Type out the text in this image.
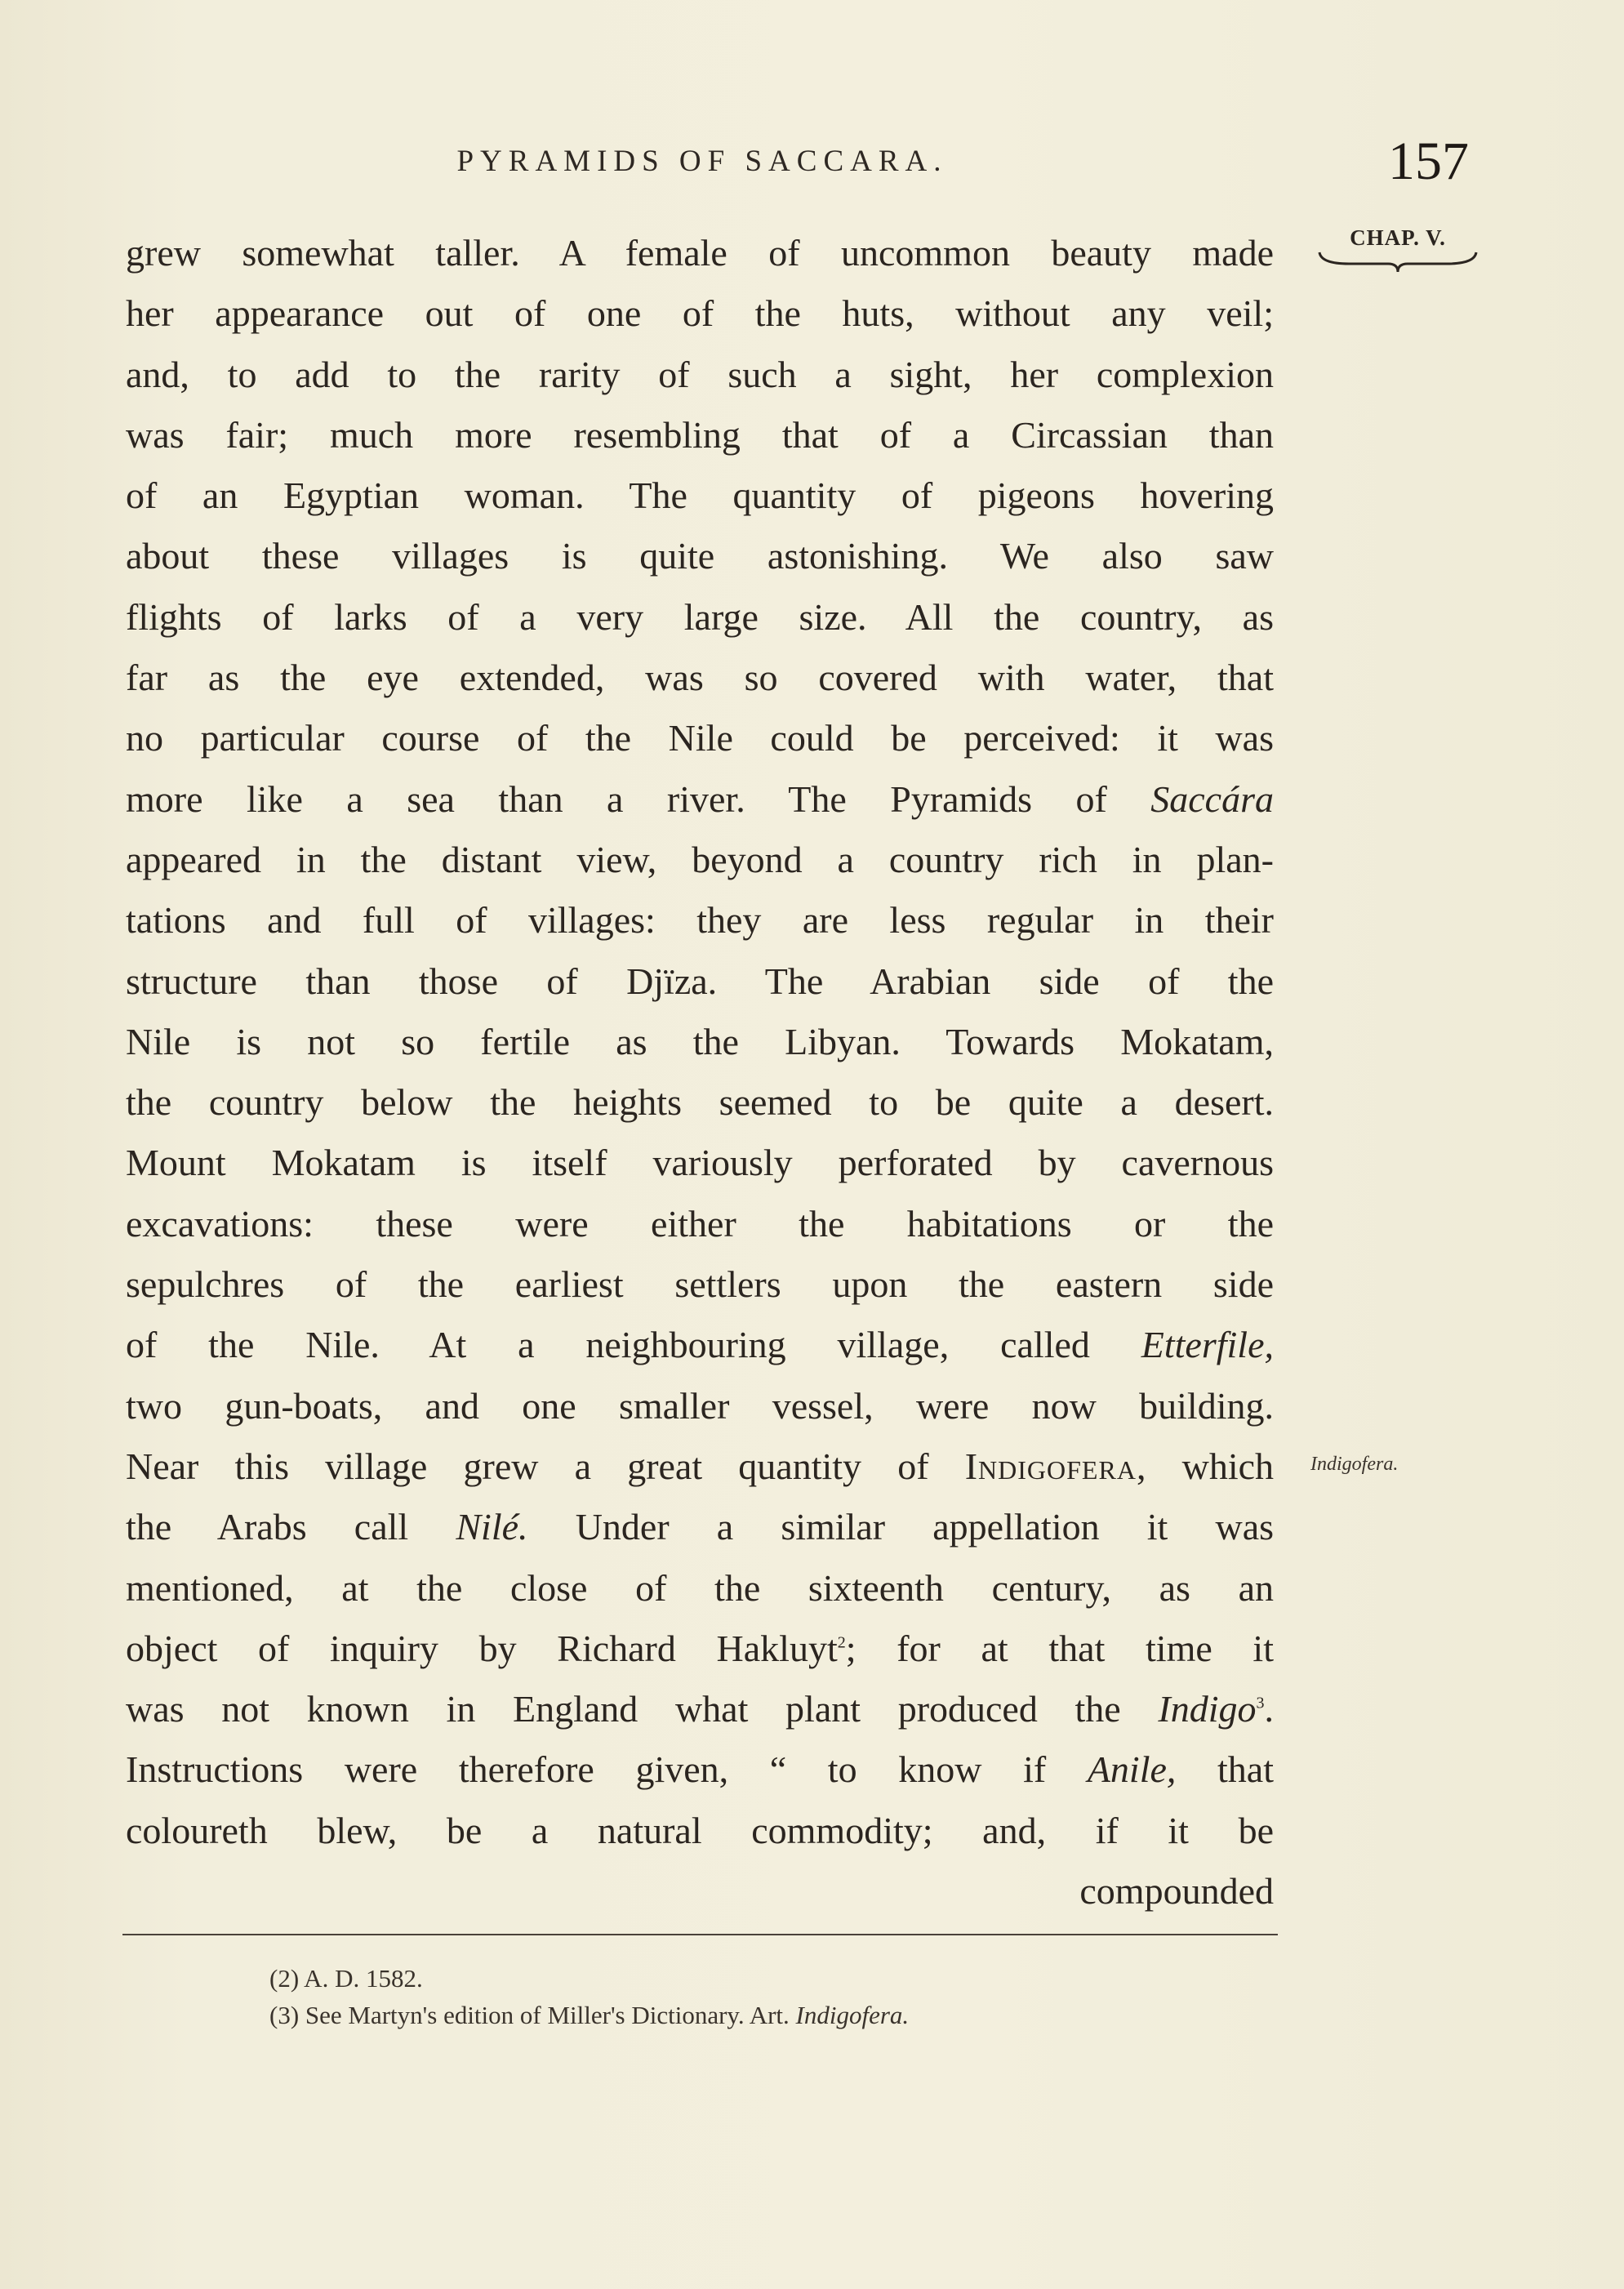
PYRAMIDS OF SACCARA.	157
CHAP. V.
Indigofera.
grew somewhat taller. A female of uncommon beauty made
her appearance out of one of the huts, without any veil;
and, to add to the rarity of such a sight, her complexion
was fair; much more resembling that of a Circassian than
of an Egyptian woman. The quantity of pigeons hovering
about these villages is quite astonishing. We also saw
flights of larks of a very large size. All the country, as
far as the eye extended, was so covered with water, that
no particular course of the Nile could be perceived: it was
more like a sea than a river. The Pyramids of Saccára
appeared in the distant view, beyond a country rich in plan-
tations and full of villages: they are less regular in their
structure than those of Djïza. The Arabian side of the
Nile is not so fertile as the Libyan. Towards Mokatam,
the country below the heights seemed to be quite a desert.
Mount Mokatam is itself variously perforated by cavernous
excavations: these were either the habitations or the
sepulchres of the earliest settlers upon the eastern side
of the Nile. At a neighbouring village, called Etterfile,
two gun-boats, and one smaller vessel, were now building.
Near this village grew a great quantity of Indigofera, which
the Arabs call Nilé. Under a similar appellation it was
mentioned, at the close of the sixteenth century, as an
object of inquiry by Richard Hakluyt$^2$; for at that time it
was not known in England what plant produced the Indigo$^3$.
Instructions were therefore given, “ to know if Anile, that
coloureth blew, be a natural commodity; and, if it be
compounded
(2) A. D. 1582.
(3) See Martyn's edition of Miller's Dictionary. Art. Indigofera.
